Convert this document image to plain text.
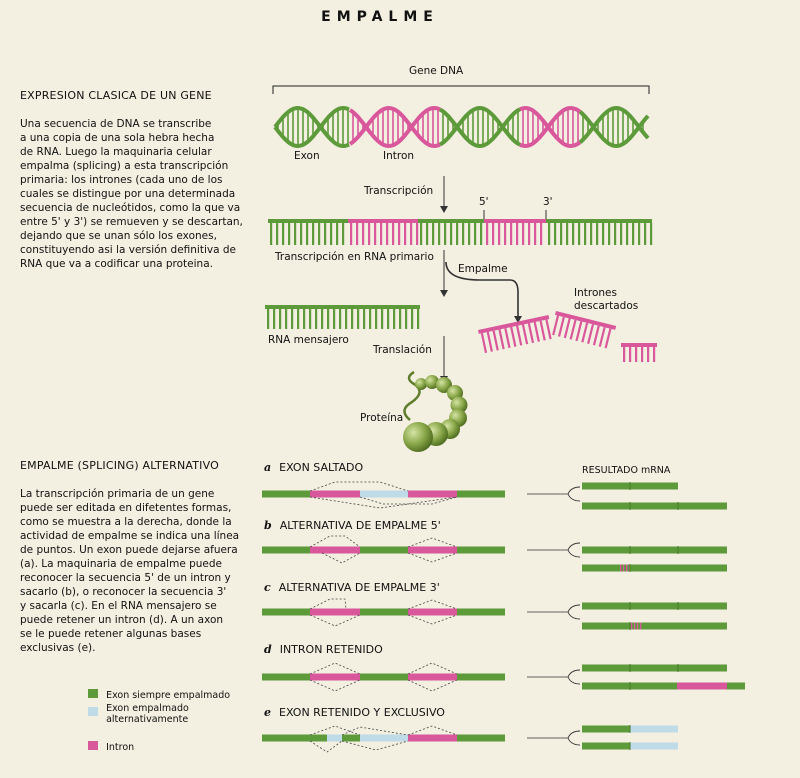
EMPALME
EXPRESION CLASICA DE UN GENE
Una secuencia de DNA se transcribe
a una copia de una sola hebra hecha
de RNA. Luego la maquinaria celular
empalma (splicing) a esta transcripción
primaria: los intrones (cada uno de los
cuales se distingue por una determinada
secuencia de nucleótidos, como la que va
entre 5' y 3') se remueven y se descartan,
dejando que se unan sólo los exones,
constituyendo asi la versión definitiva de
RNA que va a codificar una proteina.
EMPALME (SPLICING) ALTERNATIVO
La transcripción primaria de un gene
puede ser editada en difetentes formas,
como se muestra a la derecha, donde la
actividad de empalme se indica una línea
de puntos. Un exon puede dejarse afuera
(a). La maquinaria de empalme puede
reconocer la secuencia 5' de un intron y
sacarlo (b), o reconocer la secuencia 3'
y sacarla (c). En el RNA mensajero se
puede retener un intron (d). A un axon
se le puede retener algunas bases
exclusivas (e).
Gene DNA
Exon	Intron
Transcripción
5'	3'
Transcripción en RNA primario
Empalme
Intrones
descartados
RNA mensajero
Translación
Proteína
RESULTADO mRNA
a EXON SALTADO
b ALTERNATIVA DE EMPALME 5'
c ALTERNATIVA DE EMPALME 3'
d INTRON RETENIDO
e EXON RETENIDO Y EXCLUSIVO
Exon siempre empalmado
Exon empalmado
alternativamente
Intron
